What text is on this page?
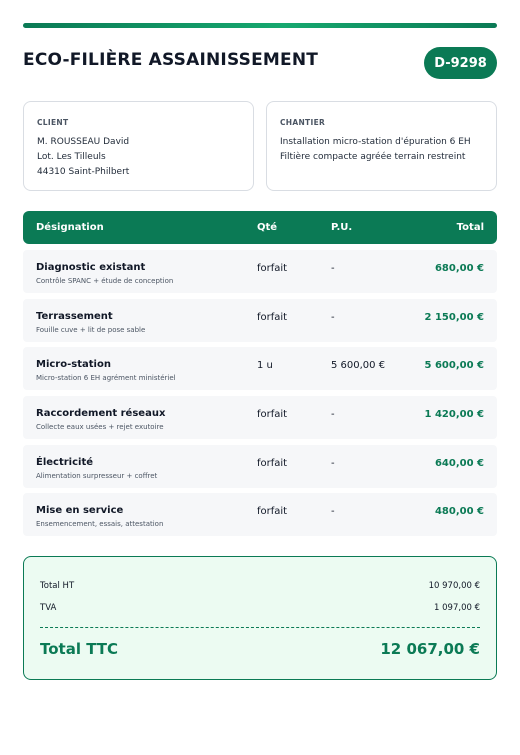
ECO-FILIÈRE ASSAINISSEMENT	D-9298
CLIENT
M. ROUSSEAU David
Lot. Les Tilleuls
44310 Saint-Philbert
CHANTIER
Installation micro-station d'épuration 6 EH
Filtière compacte agréée terrain restreint
Désignation	Qté	P.U.	Total
Diagnostic existant
Contrôle SPANC + étude de conception
forfait	-	680,00 €
Terrassement
Fouille cuve + lit de pose sable
forfait	-	2 150,00 €
Micro-station
Micro-station 6 EH agrément ministériel
1 u	5 600,00 €	5 600,00 €
Raccordement réseaux
Collecte eaux usées + rejet exutoire
forfait	-	1 420,00 €
Électricité
Alimentation surpresseur + coffret
forfait	-	640,00 €
Mise en service
Ensemencement, essais, attestation
forfait	-	480,00 €
Total HT	10 970,00 €
TVA	1 097,00 €
Total TTC	12 067,00 €
